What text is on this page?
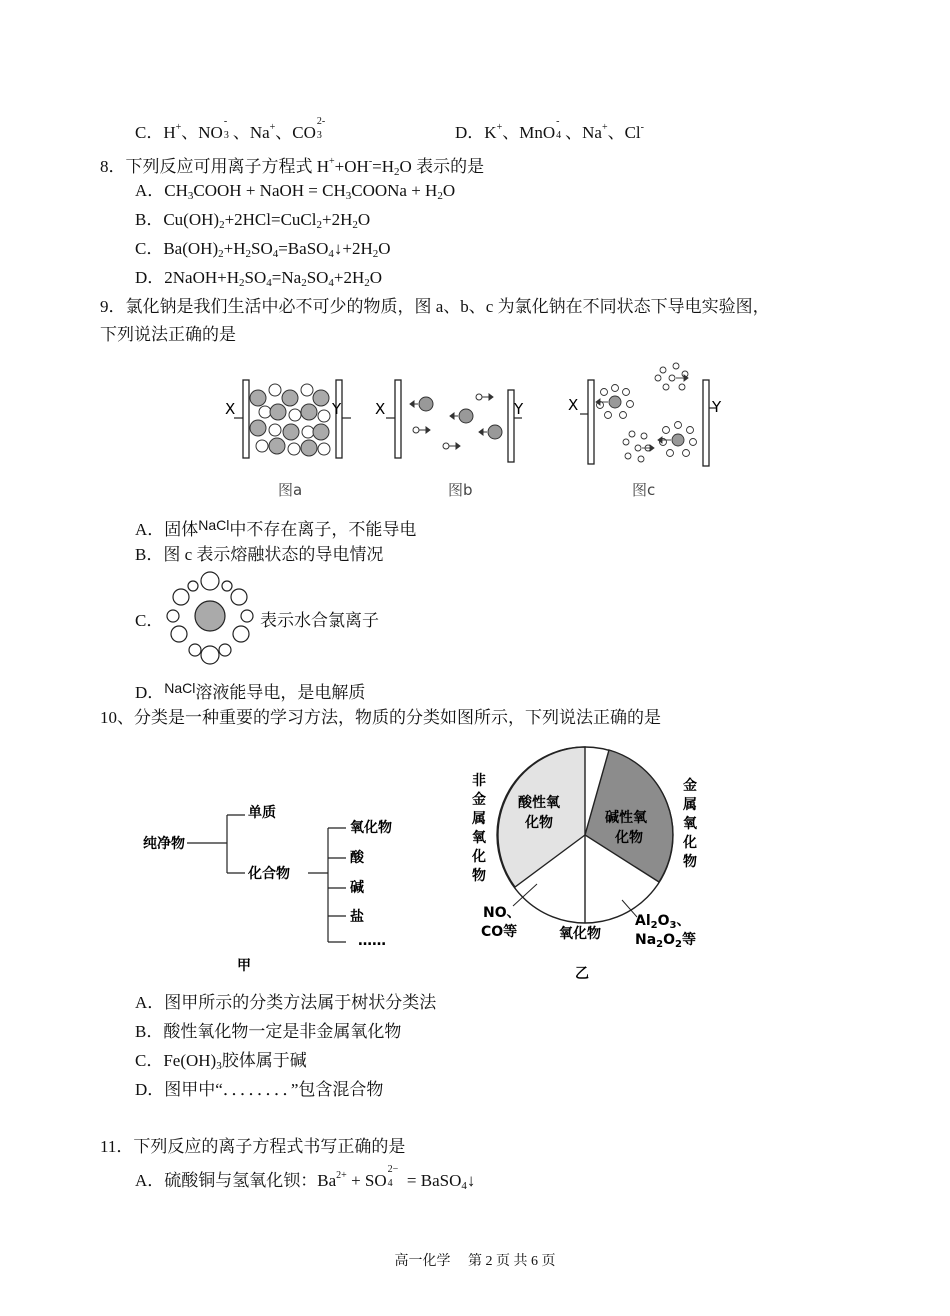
C．H+、NO
-
3 、Na+、CO
2-
3	D．K+、MnO
-
4 、Na+、Cl-
8．下列反应可用离子方程式 $H^++OH^-=H_2O$ 表示的是
A．$CH_3COOH$ + NaOH = $CH_3COONa + H_2O$
B．$Cu(OH)_2+2HCl=CuCl_2+2H_2O$
C．$Ba(OH)_2+H_2SO_4=BaSO_4↓+2H_2O$
D．$2NaOH+H_2SO_4=Na_2SO_4+2H_2O$
9．氯化钠是我们生活中必不可少的物质，图 a、b、c 为氯化钠在不同状态下导电实验图，
下列说法正确的是
X	Y
图a
X	Y
图b
X	Y
图c
A．固体$^{NaCl}$中不存在离子，不能导电
B．图 c 表示熔融状态的导电情况
C．	表示水合氯离子
D．$^{NaCl}$溶液能导电，是电解质
10、分类是一种重要的学习方法，物质的分类如图所示，下列说法正确的是
纯净物
单质
化合物
氧化物
酸
碱
盐
……
甲
酸性氧
化物	碱性氧
化物
氧化物
非
金
属
氧
化
物
金
属
氧
化
物
NO、
CO等
$Al_2O_3$、
$Na_2O_2$等
乙
A．图甲所示的分类方法属于树状分类法
B．酸性氧化物一定是非金属氧化物
C．$Fe(OH)_3$胶体属于碱
D．图甲中“．．．．．．．．”包含混合物
11．下列反应的离子方程式书写正确的是
A．硫酸铜与氢氧化钡：$Ba^{2+}$ + SO
2−
4 = BaSO$_4$↓
高一化学　 第 2 页 共 6 页
